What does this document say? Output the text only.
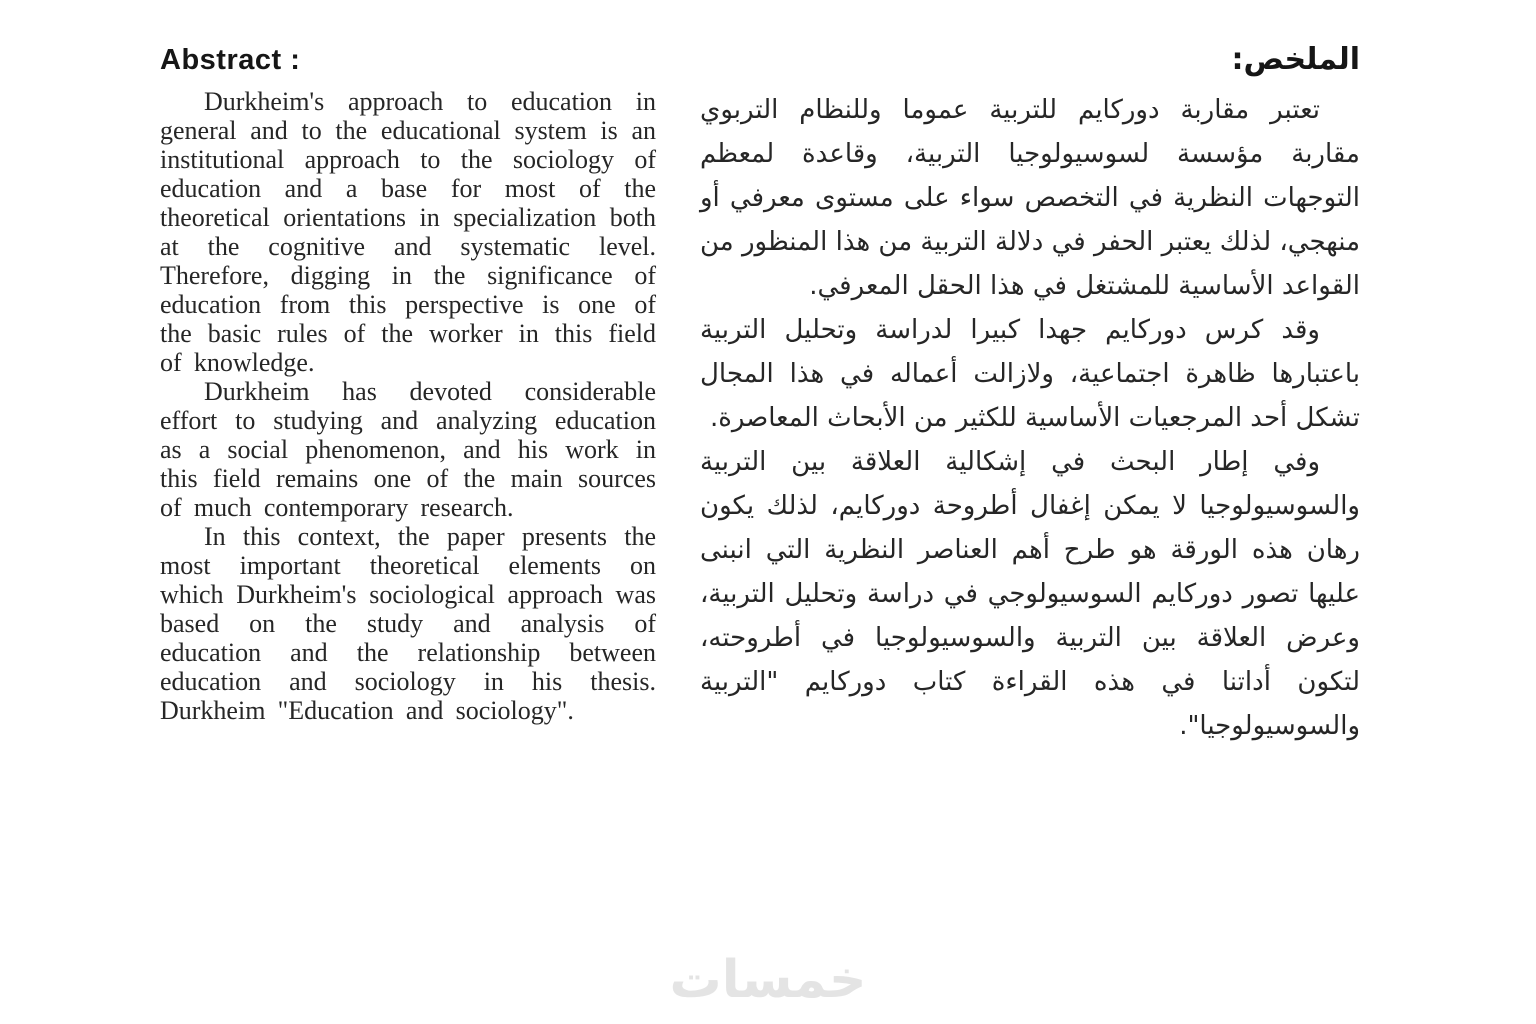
Abstract :

Durkheim's approach to education in general and to the educational system is an institutional approach to the sociology of education and a base for most of the theoretical orientations in specialization both at the cognitive and systematic level. Therefore, digging in the significance of education from this perspective is one of the basic rules of the worker in this field of knowledge.

Durkheim has devoted considerable effort to studying and analyzing education as a social phenomenon, and his work in this field remains one of the main sources of much contemporary research.

In this context, the paper presents the most important theoretical elements on which Durkheim's sociological approach was based on the study and analysis of education and the relationship between education and sociology in his thesis. Durkheim "Education and sociology".

الملخص:

تعتبر مقاربة دوركايم للتربية عموما وللنظام التربوي مقاربة مؤسسة لسوسيولوجيا التربية، وقاعدة لمعظم التوجهات النظرية في التخصص سواء على مستوى معرفي أو منهجي، لذلك يعتبر الحفر في دلالة التربية من هذا المنظور من القواعد الأساسية للمشتغل في هذا الحقل المعرفي.

وقد كرس دوركايم جهدا كبيرا لدراسة وتحليل التربية باعتبارها ظاهرة اجتماعية، ولازالت أعماله في هذا المجال تشكل أحد المرجعيات الأساسية للكثير من الأبحاث المعاصرة.

وفي إطار البحث في إشكالية العلاقة بين التربية والسوسيولوجيا لا يمكن إغفال أطروحة دوركايم، لذلك يكون رهان هذه الورقة هو طرح أهم العناصر النظرية التي انبنى عليها تصور دوركايم السوسيولوجي في دراسة وتحليل التربية، وعرض العلاقة بين التربية والسوسيولوجيا في أطروحته، لتكون أداتنا في هذه القراءة كتاب دوركايم "التربية والسوسيولوجيا".

خمسات
